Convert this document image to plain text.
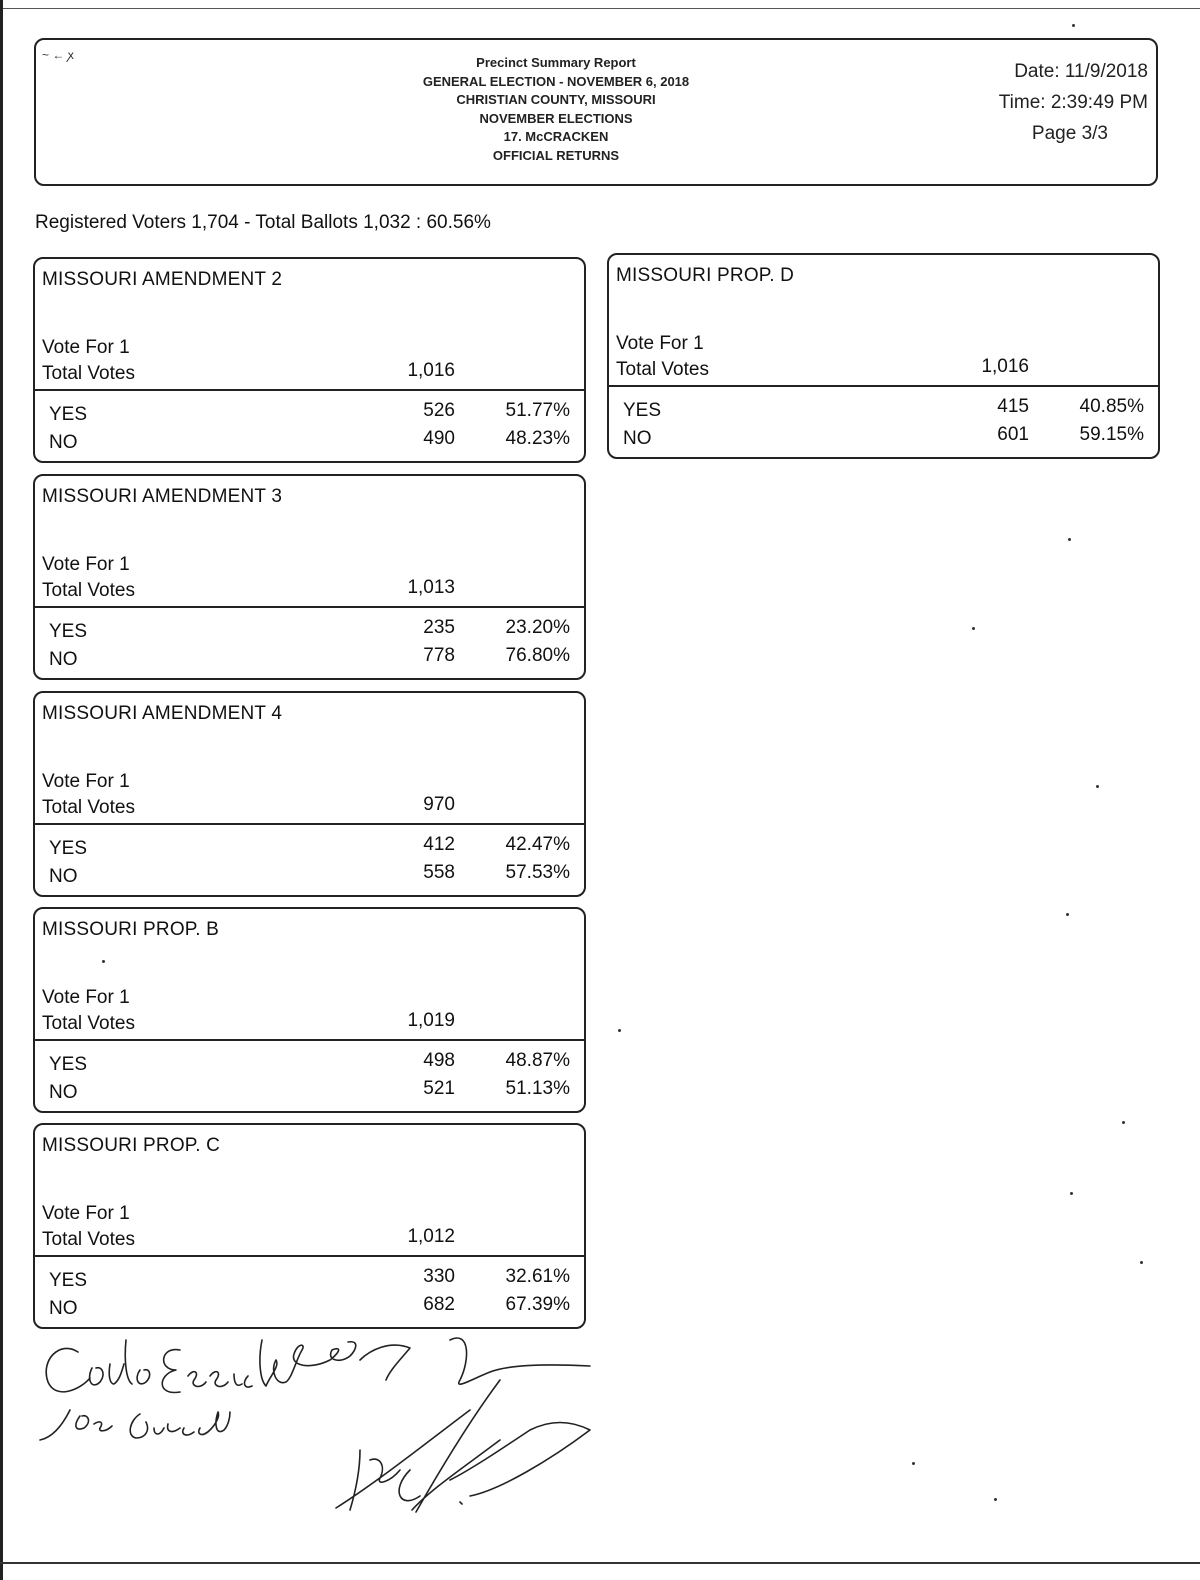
~ ← ꭗ	Precinct Summary Report
GENERAL ELECTION - NOVEMBER 6, 2018
CHRISTIAN COUNTY, MISSOURI
NOVEMBER ELECTIONS
17. McCRACKEN
OFFICIAL RETURNS
Date: 11/9/2018
Time: 2:39:49 PM
Page 3/3
Registered Voters 1,704 - Total Ballots 1,032 : 60.56%
MISSOURI AMENDMENT 2
Vote For 1
Total Votes	1,016
YES	526	51.77%
NO	490	48.23%
MISSOURI AMENDMENT 3
Vote For 1
Total Votes	1,013
YES	235	23.20%
NO	778	76.80%
MISSOURI AMENDMENT 4
Vote For 1
Total Votes	970
YES	412	42.47%
NO	558	57.53%
MISSOURI PROP. B
Vote For 1
Total Votes	1,019
YES	498	48.87%
NO	521	51.13%
MISSOURI PROP. C
Vote For 1
Total Votes	1,012
YES	330	32.61%
NO	682	67.39%
MISSOURI PROP. D
Vote For 1
Total Votes	1,016
YES	415	40.85%
NO	601	59.15%
